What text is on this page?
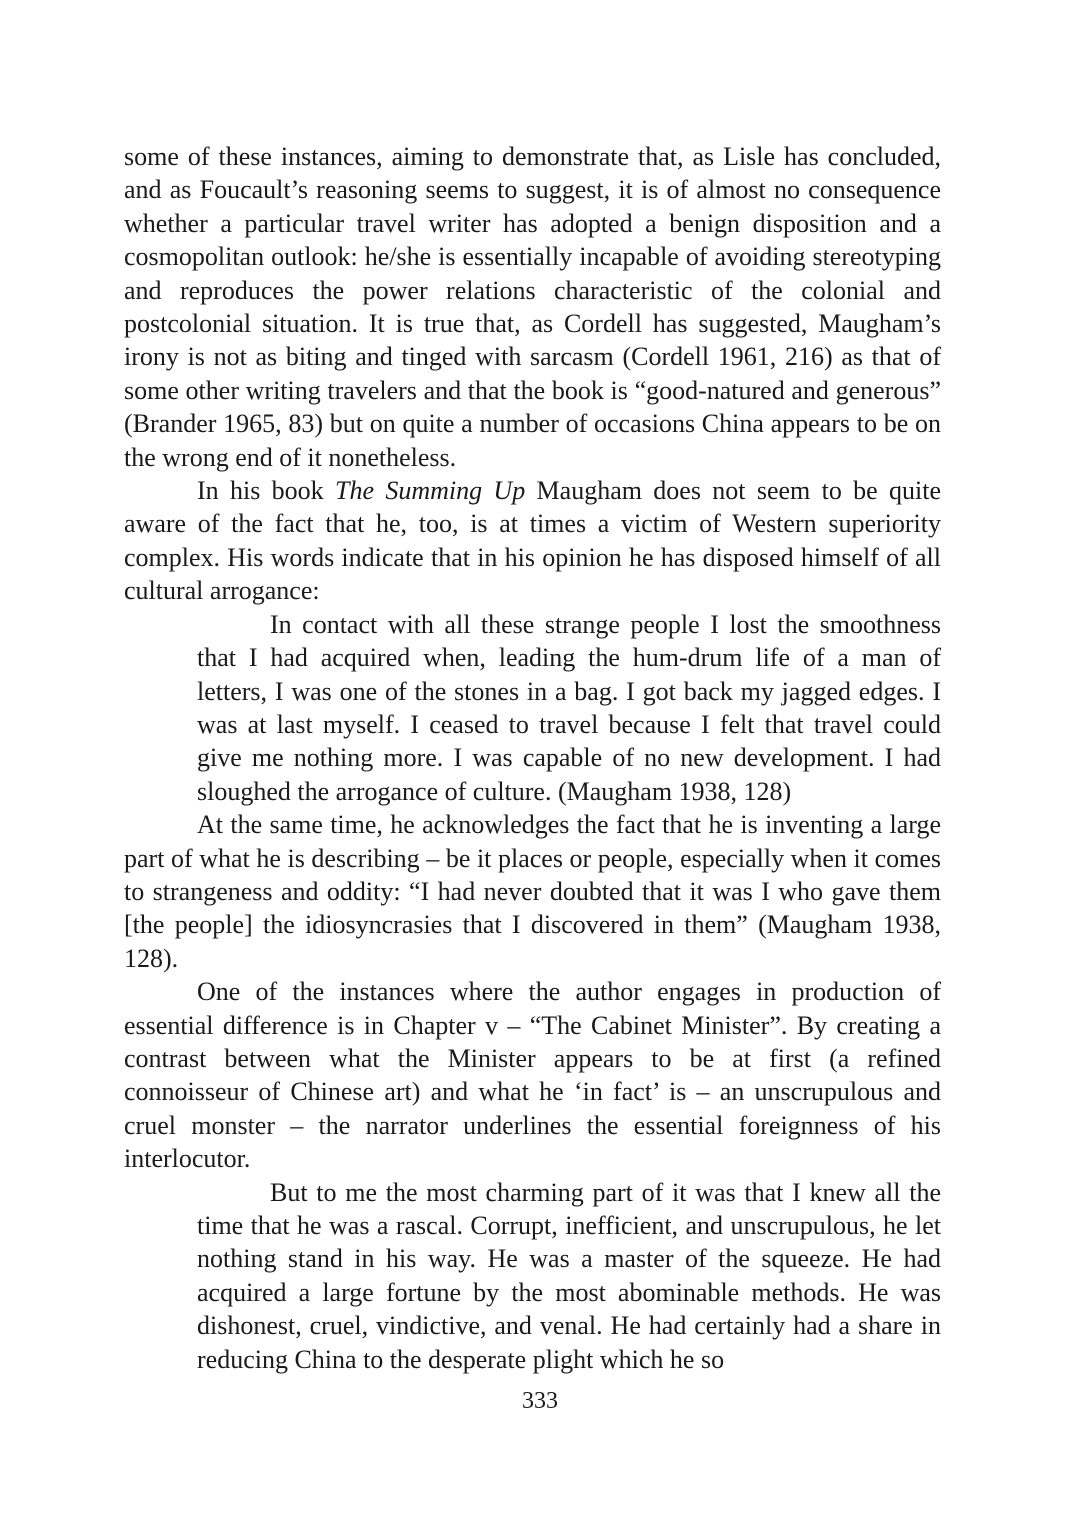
some of these instances, aiming to demonstrate that, as Lisle has concluded, and as Foucault’s reasoning seems to suggest, it is of almost no consequence whether a particular travel writer has adopted a benign disposition and a cosmopolitan outlook: he/she is essentially incapable of avoiding stereotyping and reproduces the power relations characteristic of the colonial and postcolonial situation. It is true that, as Cordell has suggested, Maugham’s irony is not as biting and tinged with sarcasm (Cordell 1961, 216) as that of some other writing travelers and that the book is “good-natured and generous” (Brander 1965, 83) but on quite a number of occasions China appears to be on the wrong end of it nonetheless.

In his book The Summing Up Maugham does not seem to be quite aware of the fact that he, too, is at times a victim of Western superiority complex. His words indicate that in his opinion he has disposed himself of all cultural arrogance:

In contact with all these strange people I lost the smoothness that I had acquired when, leading the hum-drum life of a man of letters, I was one of the stones in a bag. I got back my jagged edges. I was at last myself. I ceased to travel because I felt that travel could give me nothing more. I was capable of no new development. I had sloughed the arrogance of culture. (Maugham 1938, 128)

At the same time, he acknowledges the fact that he is inventing a large part of what he is describing – be it places or people, especially when it comes to strangeness and oddity: “I had never doubted that it was I who gave them [the people] the idiosyncrasies that I discovered in them” (Maugham 1938, 128).

One of the instances where the author engages in production of essential difference is in Chapter v – “The Cabinet Minister”. By creating a contrast between what the Minister appears to be at first (a refined connoisseur of Chinese art) and what he ‘in fact’ is – an unscrupulous and cruel monster – the narrator underlines the essential foreignness of his interlocutor.

But to me the most charming part of it was that I knew all the time that he was a rascal. Corrupt, inefficient, and unscrupulous, he let nothing stand in his way. He was a master of the squeeze. He had acquired a large fortune by the most abominable methods. He was dishonest, cruel, vindictive, and venal. He had certainly had a share in reducing China to the desperate plight which he so

333
